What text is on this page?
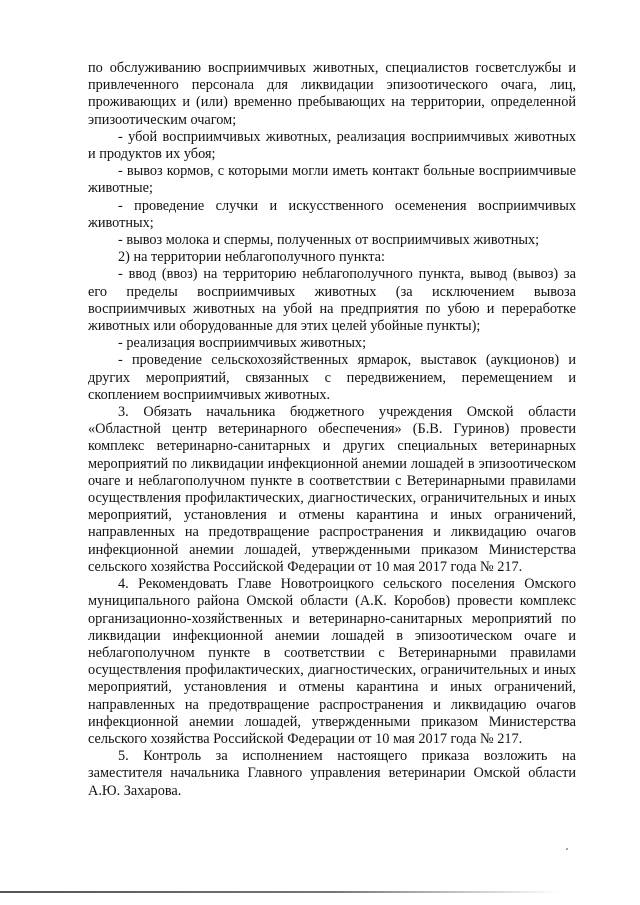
по обслуживанию восприимчивых животных, специалистов госветслужбы и привлеченного персонала для ликвидации эпизоотического очага, лиц, проживающих и (или) временно пребывающих на территории, определенной эпизоотическим очагом;

- убой восприимчивых животных, реализация восприимчивых животных и продуктов их убоя;

- вывоз кормов, с которыми могли иметь контакт больные восприимчивые животные;

- проведение случки и искусственного осеменения восприимчивых животных;

- вывоз молока и спермы, полученных от восприимчивых животных;

2) на территории неблагополучного пункта:

- ввод (ввоз) на территорию неблагополучного пункта, вывод (вывоз) за его пределы восприимчивых животных (за исключением вывоза восприимчивых животных на убой на предприятия по убою и переработке животных или оборудованные для этих целей убойные пункты);

- реализация восприимчивых животных;

- проведение сельскохозяйственных ярмарок, выставок (аукционов) и других мероприятий, связанных с передвижением, перемещением и скоплением восприимчивых животных.

3. Обязать начальника бюджетного учреждения Омской области «Областной центр ветеринарного обеспечения» (Б.В. Гуринов) провести комплекс ветеринарно-санитарных и других специальных ветеринарных мероприятий по ликвидации инфекционной анемии лошадей в эпизоотическом очаге и неблагополучном пункте в соответствии с Ветеринарными правилами осуществления профилактических, диагностических, ограничительных и иных мероприятий, установления и отмены карантина и иных ограничений, направленных на предотвращение распространения и ликвидацию очагов инфекционной анемии лошадей, утвержденными приказом Министерства сельского хозяйства Российской Федерации от 10 мая 2017 года № 217.

4. Рекомендовать Главе Новотроицкого сельского поселения Омского муниципального района Омской области (А.К. Коробов) провести комплекс организационно-хозяйственных и ветеринарно-санитарных мероприятий по ликвидации инфекционной анемии лошадей в эпизоотическом очаге и неблагополучном пункте в соответствии с Ветеринарными правилами осуществления профилактических, диагностических, ограничительных и иных мероприятий, установления и отмены карантина и иных ограничений, направленных на предотвращение распространения и ликвидацию очагов инфекционной анемии лошадей, утвержденными приказом Министерства сельского хозяйства Российской Федерации от 10 мая 2017 года № 217.

5. Контроль за исполнением настоящего приказа возложить на заместителя начальника Главного управления ветеринарии Омской области А.Ю. Захарова.
